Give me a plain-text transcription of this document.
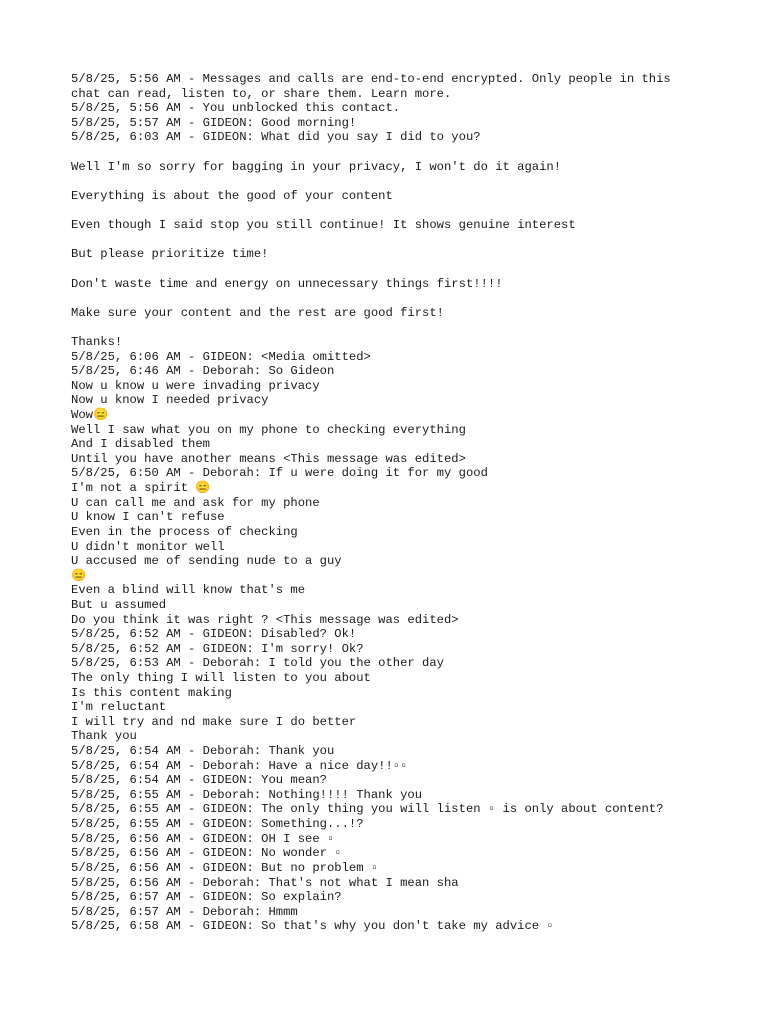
5/8/25, 5:56 AM - Messages and calls are end-to-end encrypted. Only people in this
chat can read, listen to, or share them. Learn more.
5/8/25, 5:56 AM - You unblocked this contact.
5/8/25, 5:57 AM - GIDEON: Good morning!
5/8/25, 6:03 AM - GIDEON: What did you say I did to you?
Well I'm so sorry for bagging in your privacy, I won't do it again!
Everything is about the good of your content
Even though I said stop you still continue! It shows genuine interest
But please prioritize time!
Don't waste time and energy on unnecessary things first!!!!
Make sure your content and the rest are good first!
Thanks!
5/8/25, 6:06 AM - GIDEON: <Media omitted>
5/8/25, 6:46 AM - Deborah: So Gideon
Now u know u were invading privacy
Now u know I needed privacy
Wow😑
Well I saw what you on my phone to checking everything
And I disabled them
Until you have another means <This message was edited>
5/8/25, 6:50 AM - Deborah: If u were doing it for my good
I'm not a spirit 😑
U can call me and ask for my phone
U know I can't refuse
Even in the process of checking
U didn't monitor well
U accused me of sending nude to a guy
😑
Even a blind will know that's me
But u assumed
Do you think it was right ? <This message was edited>
5/8/25, 6:52 AM - GIDEON: Disabled? Ok!
5/8/25, 6:52 AM - GIDEON: I'm sorry! Ok?
5/8/25, 6:53 AM - Deborah: I told you the other day
The only thing I will listen to you about
Is this content making
I'm reluctant
I will try and nd make sure I do better
Thank you
5/8/25, 6:54 AM - Deborah: Thank you
5/8/25, 6:54 AM - Deborah: Have a nice day!!▫▫
5/8/25, 6:54 AM - GIDEON: You mean?
5/8/25, 6:55 AM - Deborah: Nothing!!!! Thank you
5/8/25, 6:55 AM - GIDEON: The only thing you will listen ▫ is only about content?
5/8/25, 6:55 AM - GIDEON: Something...!?
5/8/25, 6:56 AM - GIDEON: OH I see ▫
5/8/25, 6:56 AM - GIDEON: No wonder ▫
5/8/25, 6:56 AM - GIDEON: But no problem ▫
5/8/25, 6:56 AM - Deborah: That's not what I mean sha
5/8/25, 6:57 AM - GIDEON: So explain?
5/8/25, 6:57 AM - Deborah: Hmmm
5/8/25, 6:58 AM - GIDEON: So that's why you don't take my advice ▫
